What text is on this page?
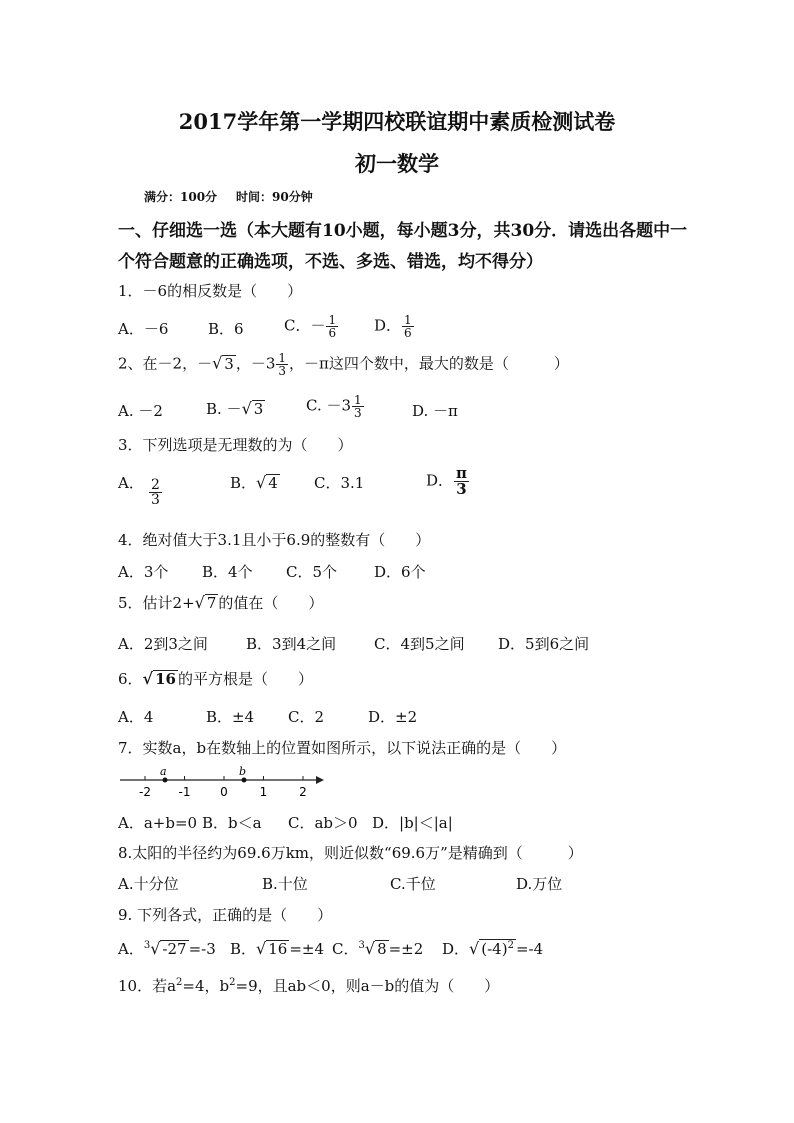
2017学年第一学期四校联谊期中素质检测试卷
初一数学
满分：100分 时间：90分钟
一、仔细选一选（本大题有10小题，每小题3分，共30分．请选出各题中一
个符合题意的正确选项，不选、多选、错选，均不得分）
1．－6的相反数是（　　）
A．－6	B．6	C．－ $\frac{1}{6}$ D． $\frac{1}{6}$
2、在－2，－√ 3 ，$-3 \frac{1}{3}$ ，－π这四个数中，最大的数是（　　　）
A. －2	B. －√ 3	C. $-3 \frac{1}{3}$	D. －π
3．下列选项是无理数的为（　　）
A． $\frac{2}{3}$	B．√ 4 C．3.1	D． $\frac{\pi}{3}$
4．绝对值大于3.1且小于6.9的整数有（　　）
A．3个 B．4个 C．5个 D．6个
5．估计2+√ 7 的值在（　　）
A．2到3之间	B．3到4之间	C．4到5之间 D．5到6之间
6．√ 16 的平方根是（　　）
A．4	B．±4 C．2	D．±2
7．实数a，b在数轴上的位置如图所示，以下说法正确的是（　　）
-2 -1 0	1	2
a	b
A．a+b=0 B．b＜a C．ab＞0 D．|b|＜|a|
8.太阳的半径约为69.6万km，则近似数“69.6万”是精确到（　　　）
A.十分位	B.十位	C.千位	D.万位
9. 下列各式，正确的是（　　）
A．$^3$√ -27 =-3 B．√ 16 =±4 C．$^3$√ 8 =±2 D．√ $(-4)^2 =-4$
10．若$a^2=4$，$b^2=9$，且ab＜0，则a－b的值为（　　）
